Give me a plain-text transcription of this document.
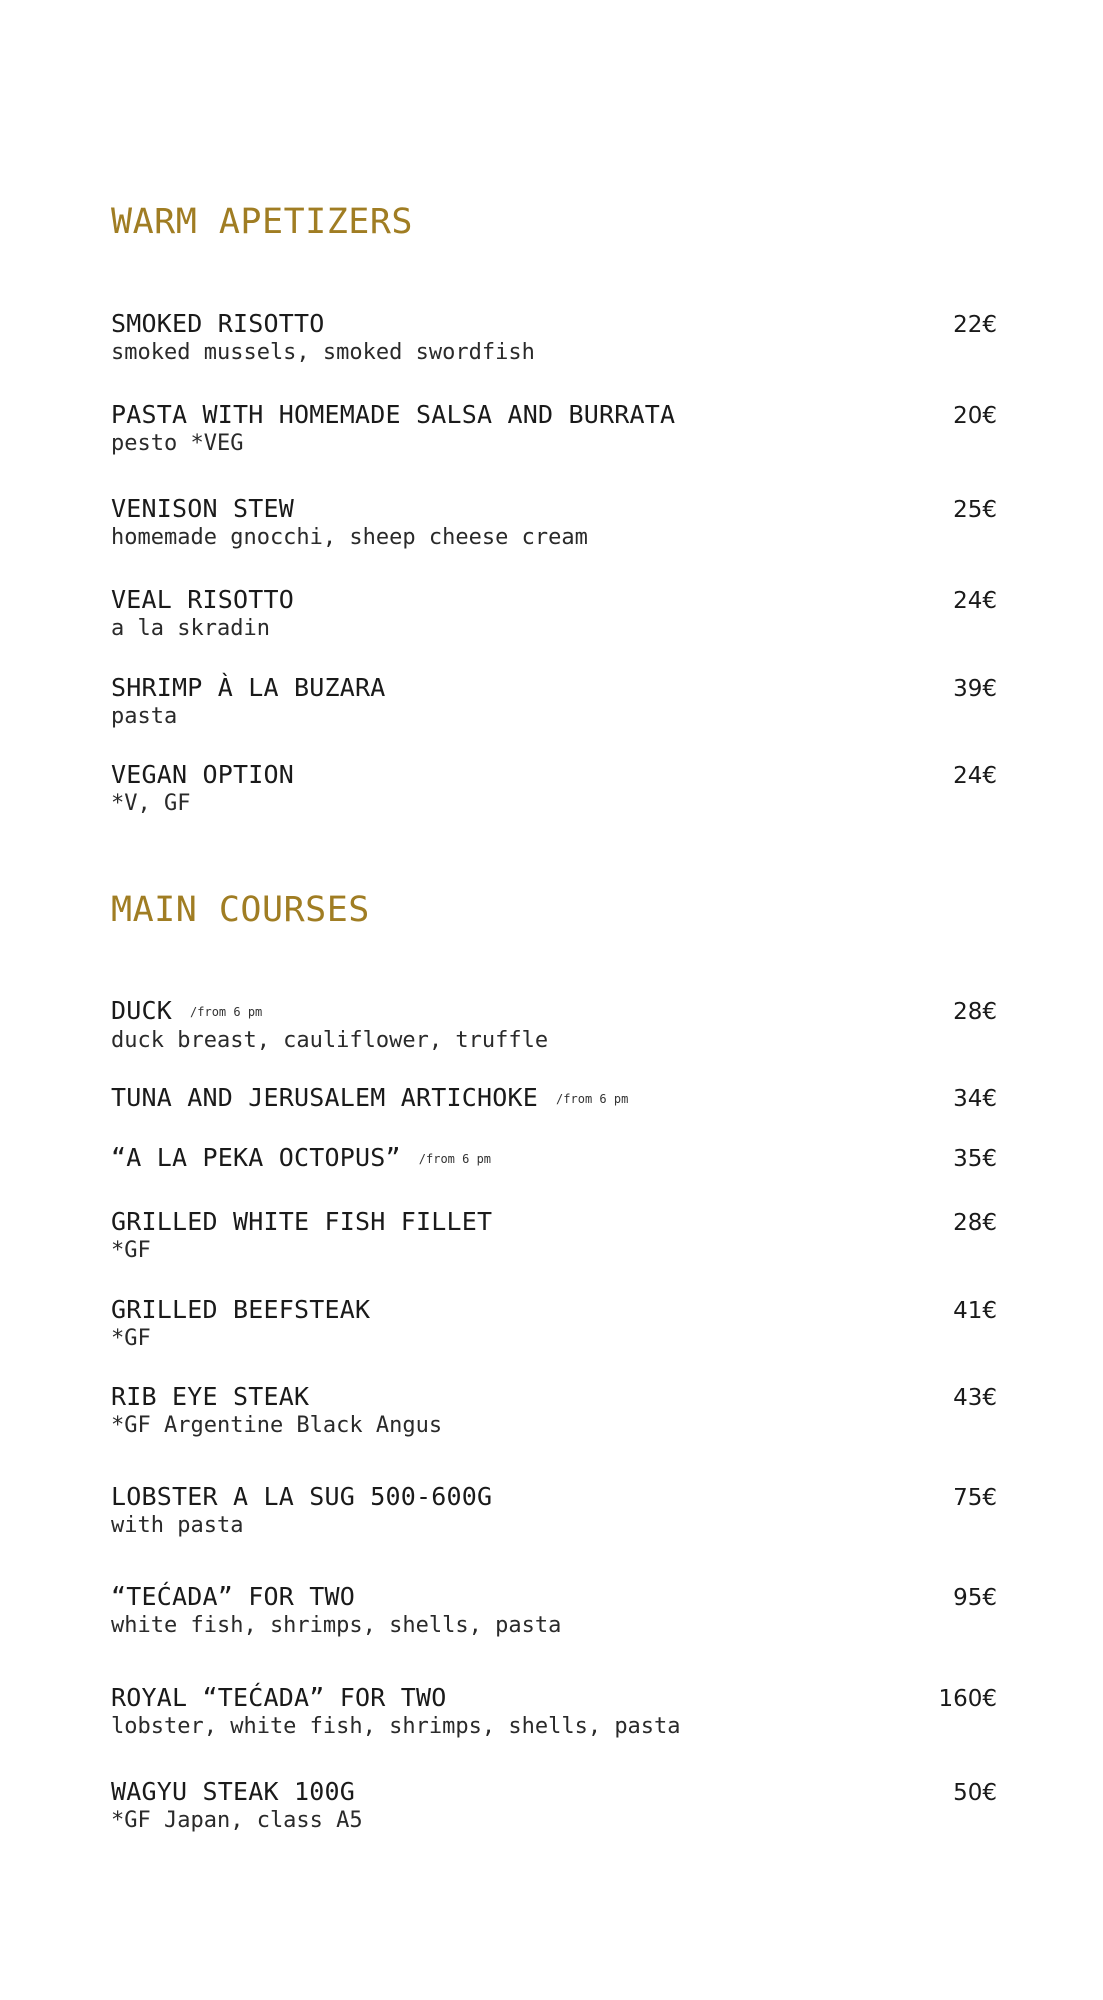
WARM APETIZERS
SMOKED RISOTTO
smoked mussels, smoked swordfish
22€
PASTA WITH HOMEMADE SALSA AND BURRATA
pesto *VEG
20€
VENISON STEW
homemade gnocchi, sheep cheese cream
25€
VEAL RISOTTO
a la skradin
24€
SHRIMP À LA BUZARA
pasta
39€
VEGAN OPTION
*V, GF
24€
MAIN COURSES
DUCK /from 6 pm
duck breast, cauliflower, truffle
28€
TUNA AND JERUSALEM ARTICHOKE /from 6 pm	34€
“A LA PEKA OCTOPUS” /from 6 pm	35€
GRILLED WHITE FISH FILLET
*GF
28€
GRILLED BEEFSTEAK
*GF
41€
RIB EYE STEAK
*GF Argentine Black Angus
43€
LOBSTER A LA SUG 500-600G
with pasta
75€
“TEĆADA” FOR TWO
white fish, shrimps, shells, pasta
95€
ROYAL “TEĆADA” FOR TWO
lobster, white fish, shrimps, shells, pasta
160€
WAGYU STEAK 100G
*GF Japan, class A5
50€
